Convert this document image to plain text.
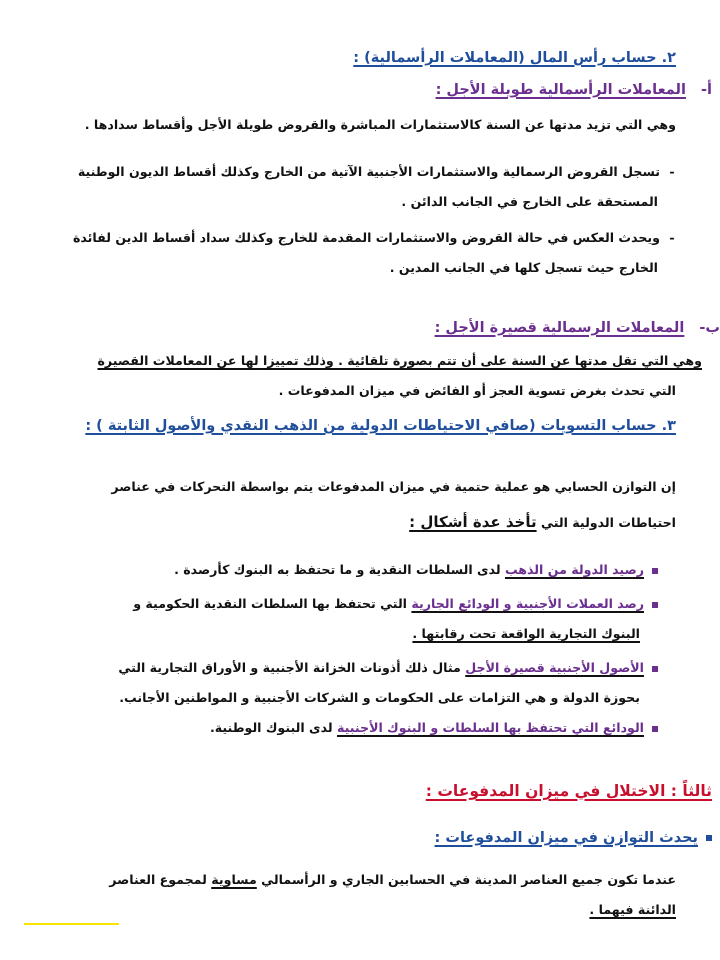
٢. حساب رأس المال (المعاملات الرأسمالية) :
أ- المعاملات الرأسمالية طويلة الأجل :
وهي التي تزيد مدتها عن السنة كالاستثمارات المباشرة والقروض طويلة الأجل وأقساط سدادها .
-تسجل القروض الرسمالية والاستثمارات الأجنبية الآتية من الخارج وكذلك أقساط الديون الوطنية
المستحقة على الخارج في الجانب الدائن .
-ويحدث العكس في حالة القروض والاستثمارات المقدمة للخارج وكذلك سداد أقساط الدين لفائدة
الخارج حيث تسجل كلها في الجانب المدين .
ب- المعاملات الرسمالية قصيرة الأجل :
وهي التي تقل مدتها عن السنة على أن تتم بصورة تلقائية . وذلك تمييزا لها عن المعاملات القصيرة
التي تحدث بغرض تسوية العجز أو الفائض في ميزان المدفوعات .
٣. حساب التسويات (صافي الاحتياطات الدولية من الذهب النقدي والأصول الثابتة ) :
إن التوازن الحسابي هو عملية حتمية في ميزان المدفوعات يتم بواسطة التحركات في عناصر
احتياطات الدولية التي تأخذ عدة أشكال :
رصيد الدولة من الذهب لدى السلطات النقدية و ما تحتفظ به البنوك كأرصدة .
رصد العملات الأجنبية و الودائع الجارية التي تحتفظ بها السلطات النقدية الحكومية و
البنوك التجارية الواقعة تحت رقابتها .
الأصول الأجنبية قصيرة الأجل مثال ذلك أذونات الخزانة الأجنبية و الأوراق التجارية التي
بحوزة الدولة و هي التزامات على الحكومات و الشركات الأجنبية و المواطنين الأجانب.
الودائع التي تحتفظ بها السلطات و البنوك الأجنبية لدى البنوك الوطنية.
ثالثاً : الاختلال في ميزان المدفوعات :
يحدث التوازن في ميزان المدفوعات :
عندما تكون جميع العناصر المدينة في الحسابين الجاري و الرأسمالي مساوية لمجموع العناصر
الدائنة فيهما .
